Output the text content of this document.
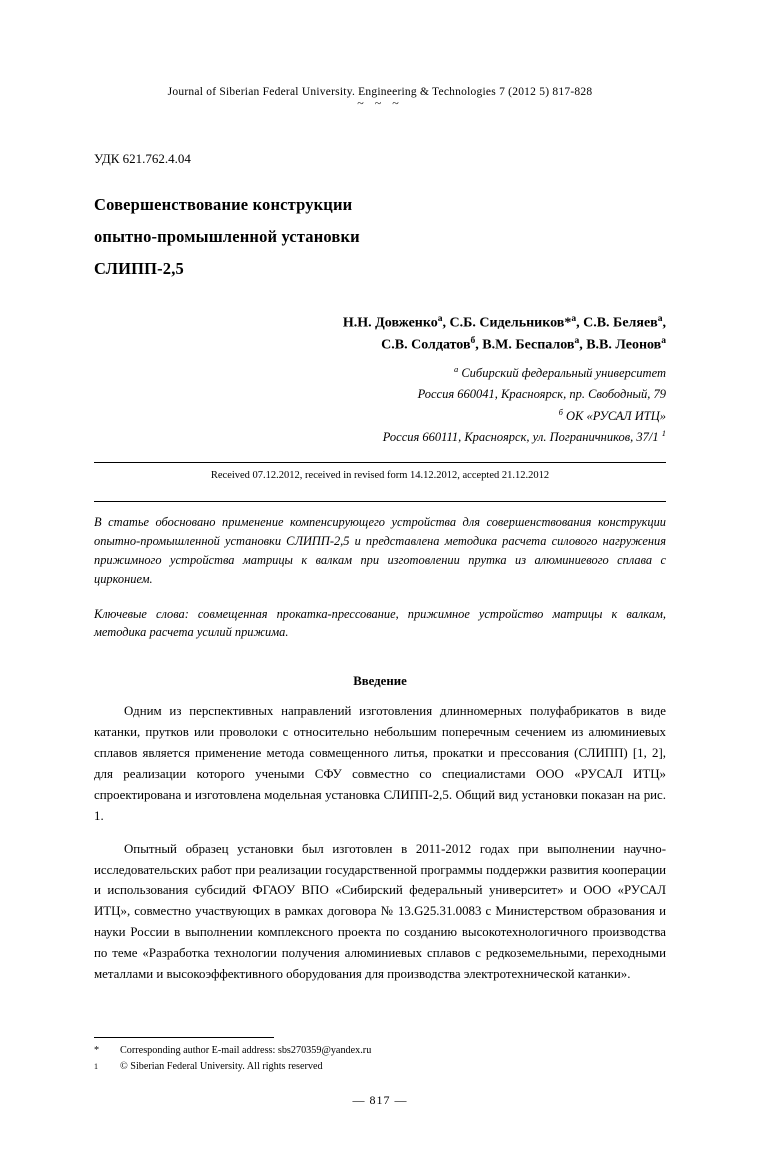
Journal of Siberian Federal University. Engineering & Technologies 7 (2012 5) 817-828
~ ~ ~
УДК 621.762.4.04
Совершенствование конструкции
опытно-промышленной установки
СЛИПП-2,5
Н.Н. Довженко$^а$, С.Б. Сидельников*$^а$, С.В. Беляев$^а$,
С.В. Солдатов$^б$, В.М. Беспалов$^а$, В.В. Леонов$^а$
$^а$ Сибирский федеральный университет
Россия 660041, Красноярск, пр. Свободный, 79
$^б$ ОК «РУСАЛ ИТЦ»
Россия 660111, Красноярск, ул. Пограничников, 37/1 $^1$
Received 07.12.2012, received in revised form 14.12.2012, accepted 21.12.2012
В статье обосновано применение компенсирующего устройства для совершенствования конструкции опытно-промышленной установки СЛИПП-2,5 и представлена методика расчета силового нагружения прижимного устройства матрицы к валкам при изготовлении прутка из алюминиевого сплава с цирконием.
Ключевые слова: совмещенная прокатка-прессование, прижимное устройство матрицы к валкам, методика расчета усилий прижима.
Введение
Одним из перспективных направлений изготовления длинномерных полуфабрикатов в виде катанки, прутков или проволоки с относительно небольшим поперечным сечением из алюминиевых сплавов является применение метода совмещенного литья, прокатки и прессования (СЛИПП) [1, 2], для реализации которого учеными СФУ совместно со специалистами ООО «РУСАЛ ИТЦ» спроектирована и изготовлена модельная установка СЛИПП-2,5. Общий вид установки показан на рис. 1.
Опытный образец установки был изготовлен в 2011-2012 годах при выполнении научно-исследовательских работ при реализации государственной программы поддержки развития кооперации и использования субсидий ФГАОУ ВПО «Сибирский федеральный университет» и ООО «РУСАЛ ИТЦ», совместно участвующих в рамках договора № 13.G25.31.0083 с Министерством образования и науки России в выполнении комплексного проекта по созданию высокотехнологичного производства по теме «Разработка технологии получения алюминиевых сплавов с редкоземельными, переходными металлами и высокоэффективного оборудования для производства электротехнической катанки».
*	Corresponding author E-mail address: sbs270359@yandex.ru
1	© Siberian Federal University. All rights reserved
— 817 —
